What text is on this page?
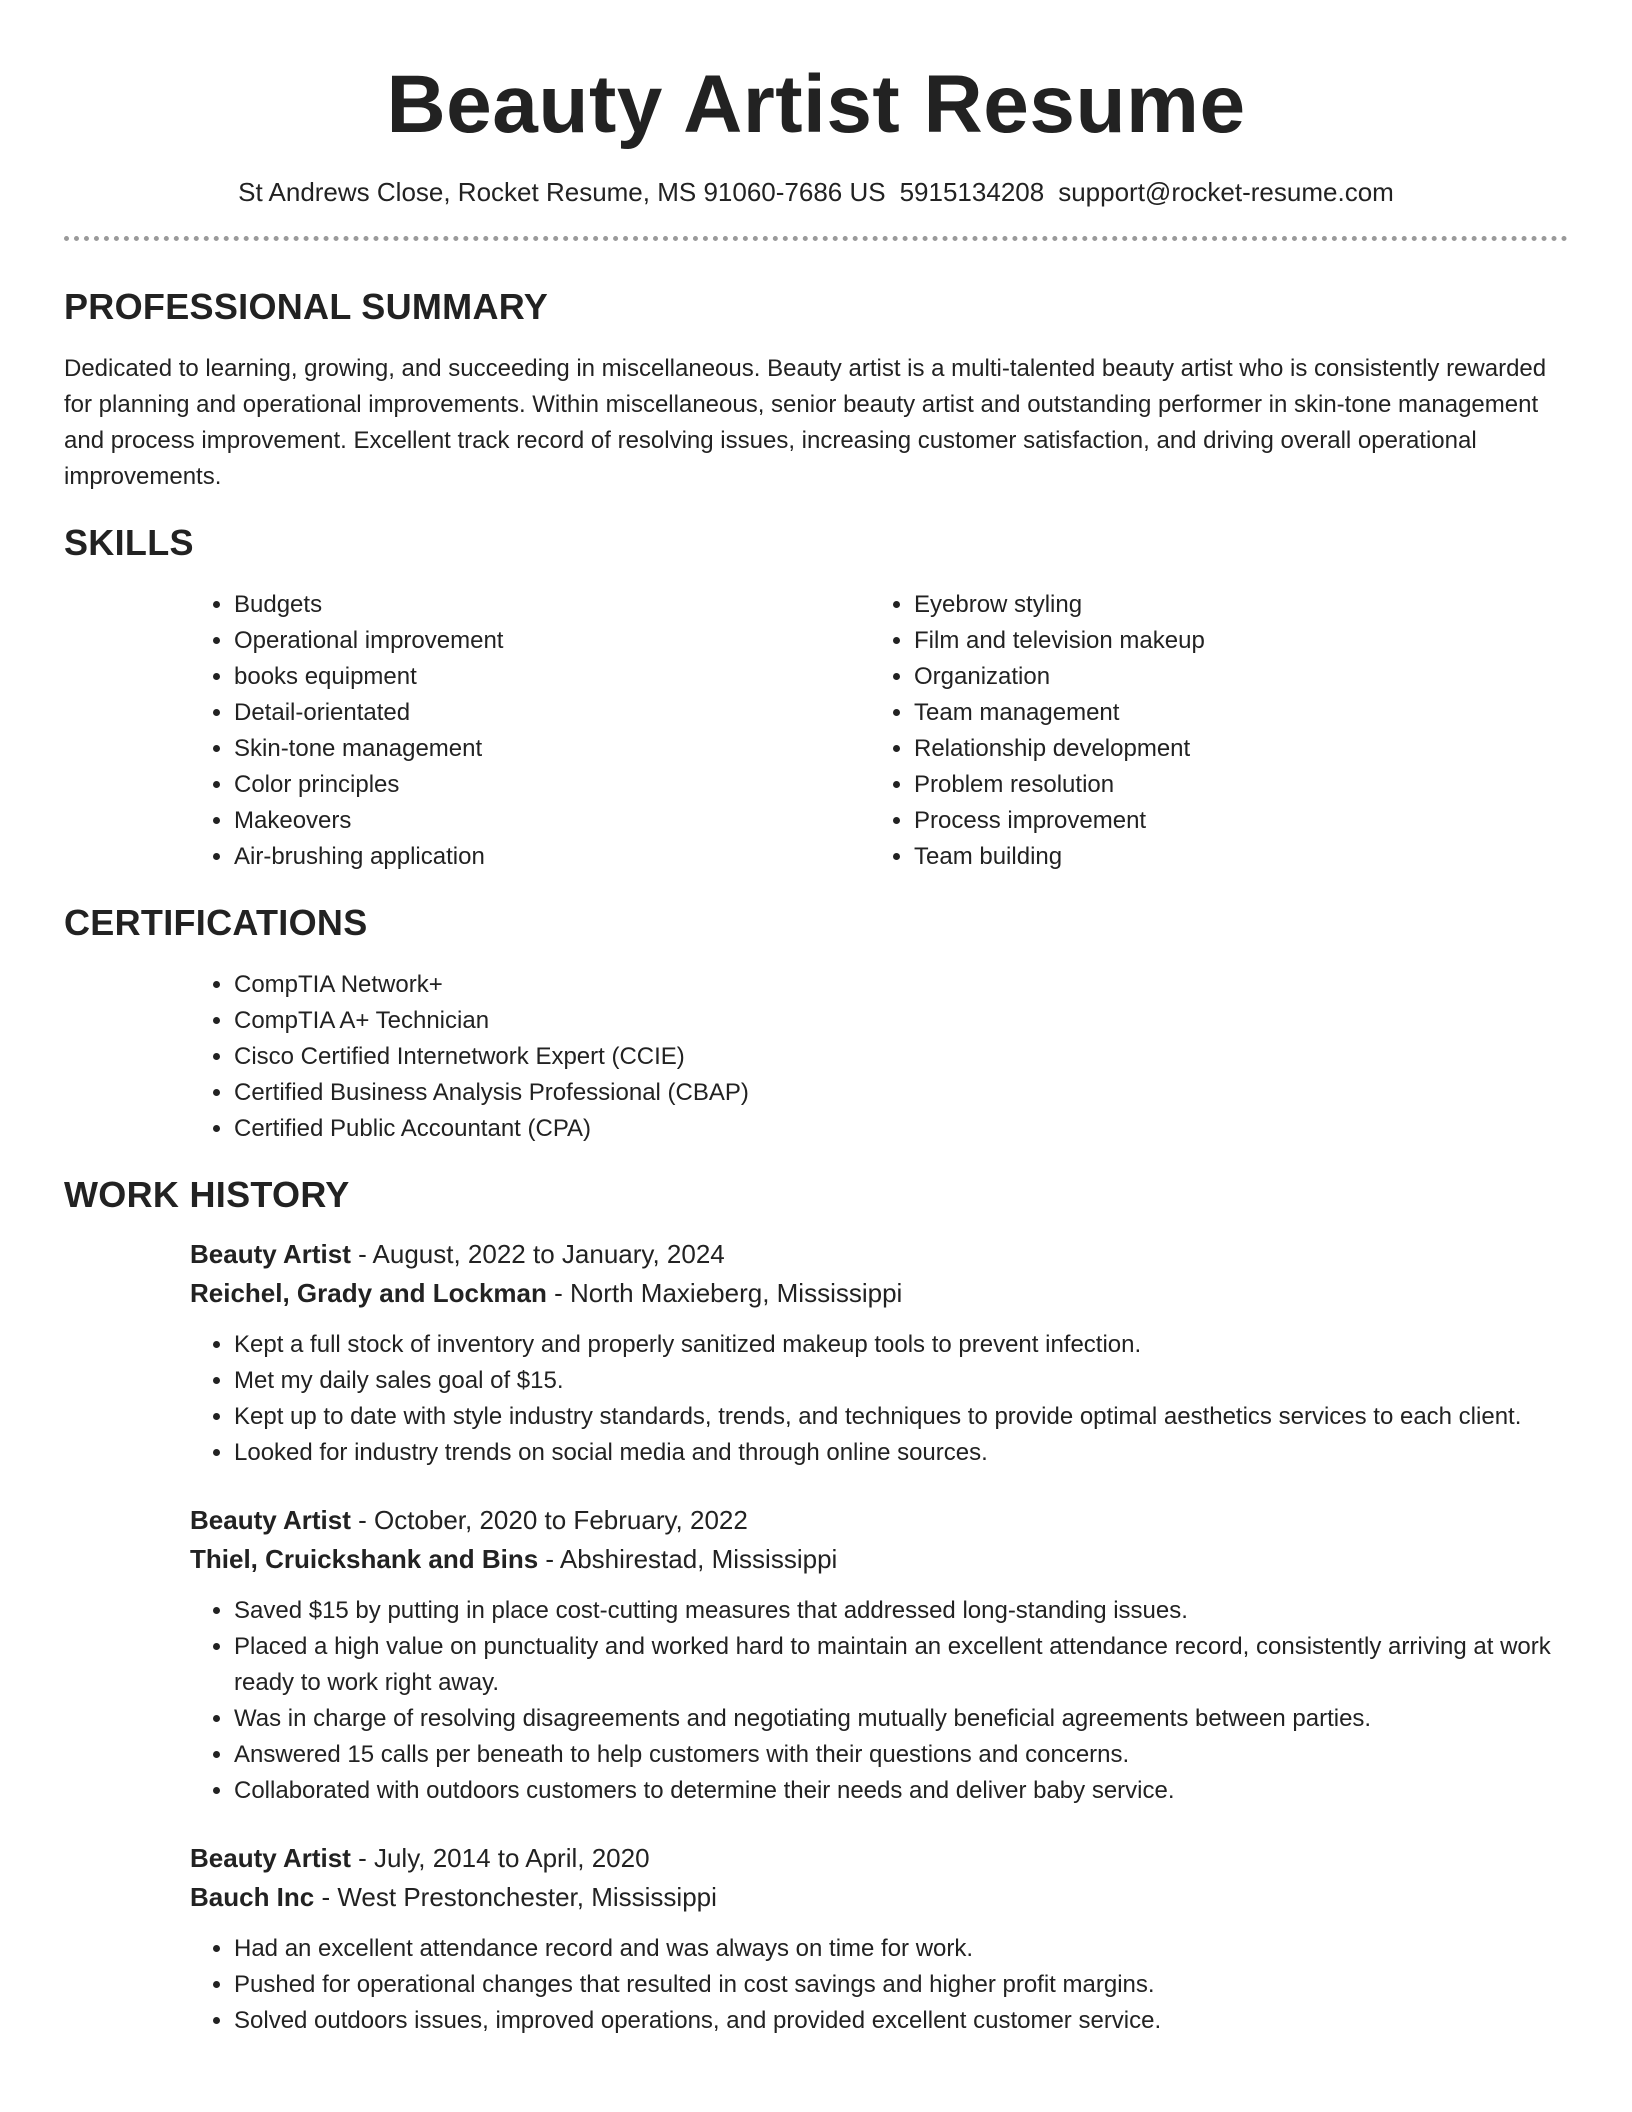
Beauty Artist Resume
St Andrews Close, Rocket Resume, MS 91060-7686 US 5915134208 support@rocket-resume.com
PROFESSIONAL SUMMARY

Dedicated to learning, growing, and succeeding in miscellaneous. Beauty artist is a multi-talented beauty artist who is consistently rewarded for planning and operational improvements. Within miscellaneous, senior beauty artist and outstanding performer in skin-tone management and process improvement. Excellent track record of resolving issues, increasing customer satisfaction, and driving overall operational improvements.

SKILLS
• Budgets
• Operational improvement
• books equipment
• Detail-orientated
• Skin-tone management
• Color principles
• Makeovers
• Air-brushing application
• Eyebrow styling
• Film and television makeup
• Organization
• Team management
• Relationship development
• Problem resolution
• Process improvement
• Team building
CERTIFICATIONS
• CompTIA Network+
• CompTIA A+ Technician
• Cisco Certified Internetwork Expert (CCIE)
• Certified Business Analysis Professional (CBAP)
• Certified Public Accountant (CPA)
WORK HISTORY
Beauty Artist - August, 2022 to January, 2024
Reichel, Grady and Lockman - North Maxieberg, Mississippi
• Kept a full stock of inventory and properly sanitized makeup tools to prevent infection.
• Met my daily sales goal of $15.
• Kept up to date with style industry standards, trends, and techniques to provide optimal aesthetics services to each client.
• Looked for industry trends on social media and through online sources.
Beauty Artist - October, 2020 to February, 2022
Thiel, Cruickshank and Bins - Abshirestad, Mississippi
• Saved $15 by putting in place cost-cutting measures that addressed long-standing issues.
• Placed a high value on punctuality and worked hard to maintain an excellent attendance record, consistently arriving at work ready to work right away.
• Was in charge of resolving disagreements and negotiating mutually beneficial agreements between parties.
• Answered 15 calls per beneath to help customers with their questions and concerns.
• Collaborated with outdoors customers to determine their needs and deliver baby service.
Beauty Artist - July, 2014 to April, 2020
Bauch Inc - West Prestonchester, Mississippi
• Had an excellent attendance record and was always on time for work.
• Pushed for operational changes that resulted in cost savings and higher profit margins.
• Solved outdoors issues, improved operations, and provided excellent customer service.
